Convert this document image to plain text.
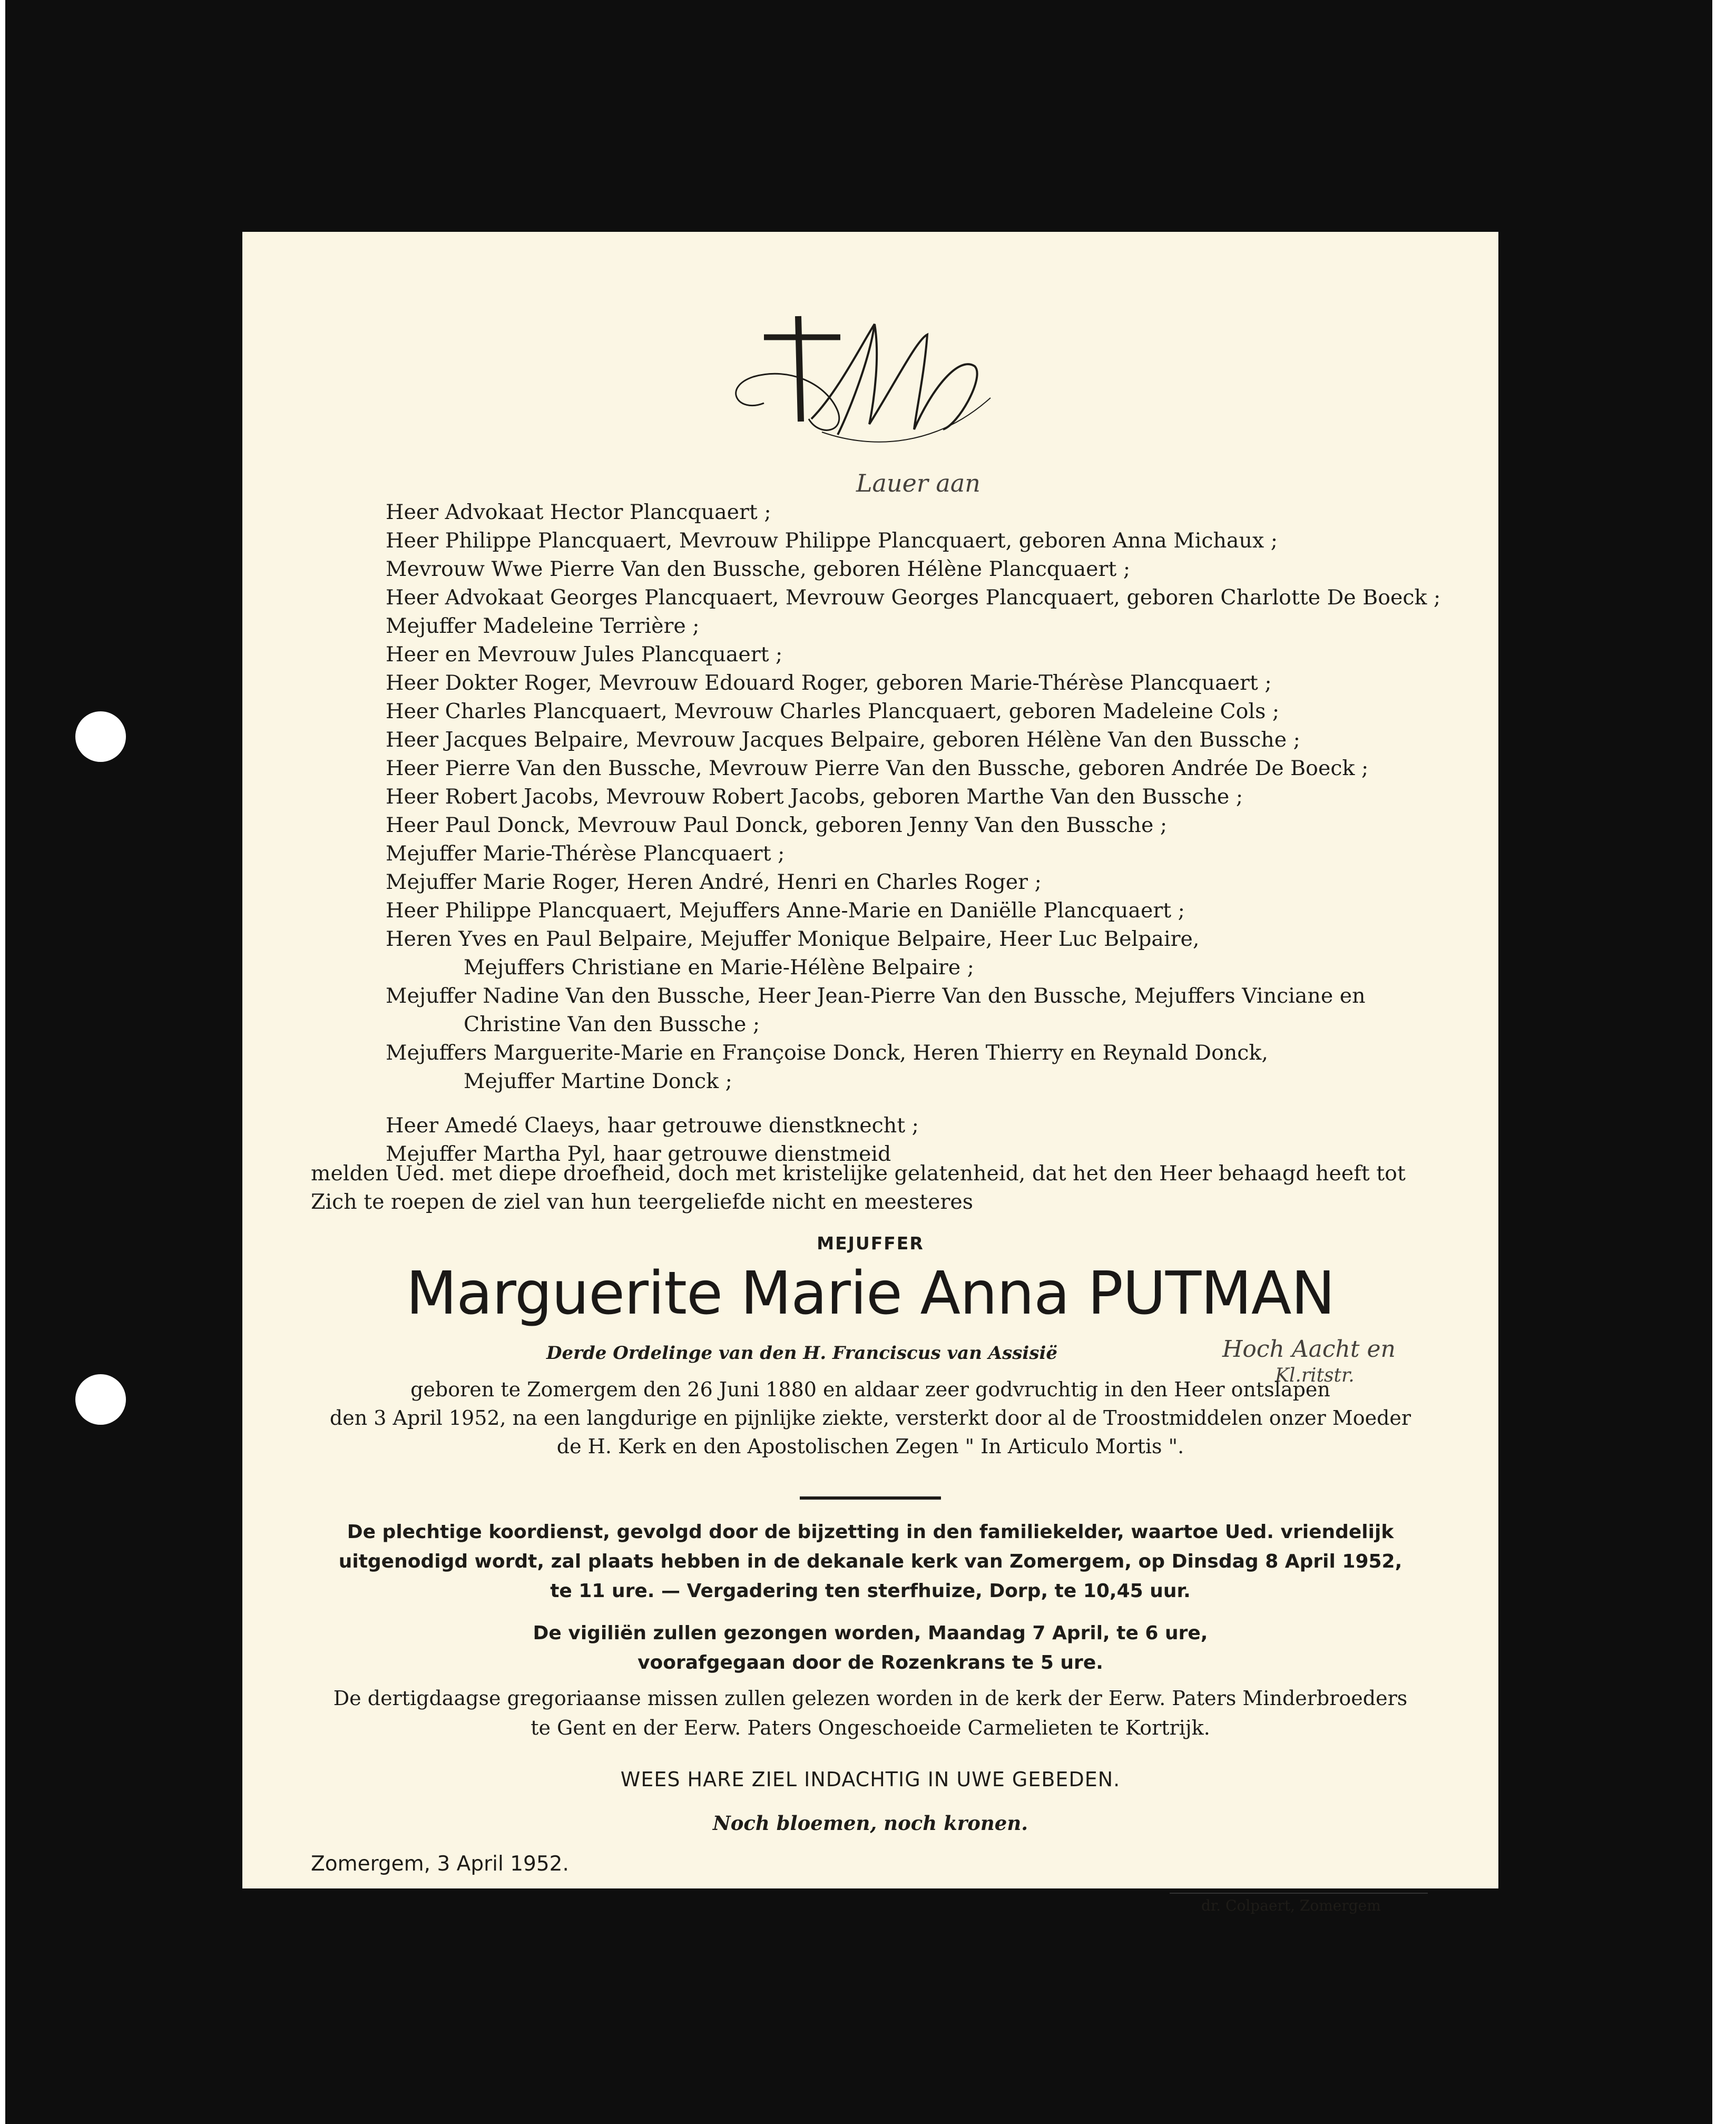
Lauer aan
Hoch Aacht en
Kl.ritstr.
Heer Advokaat Hector Plancquaert ;
Heer Philippe Plancquaert, Mevrouw Philippe Plancquaert, geboren Anna Michaux ;
Mevrouw Wwe Pierre Van den Bussche, geboren Hélène Plancquaert ;
Heer Advokaat Georges Plancquaert, Mevrouw Georges Plancquaert, geboren Charlotte De Boeck ;
Mejuffer Madeleine Terrière ;
Heer en Mevrouw Jules Plancquaert ;
Heer Dokter Roger, Mevrouw Edouard Roger, geboren Marie-Thérèse Plancquaert ;
Heer Charles Plancquaert, Mevrouw Charles Plancquaert, geboren Madeleine Cols ;
Heer Jacques Belpaire, Mevrouw Jacques Belpaire, geboren Hélène Van den Bussche ;
Heer Pierre Van den Bussche, Mevrouw Pierre Van den Bussche, geboren Andrée De Boeck ;
Heer Robert Jacobs, Mevrouw Robert Jacobs, geboren Marthe Van den Bussche ;
Heer Paul Donck, Mevrouw Paul Donck, geboren Jenny Van den Bussche ;
Mejuffer Marie-Thérèse Plancquaert ;
Mejuffer Marie Roger, Heren André, Henri en Charles Roger ;
Heer Philippe Plancquaert, Mejuffers Anne-Marie en Daniëlle Plancquaert ;
Heren Yves en Paul Belpaire, Mejuffer Monique Belpaire, Heer Luc Belpaire,
Mejuffers Christiane en Marie-Hélène Belpaire ;
Mejuffer Nadine Van den Bussche, Heer Jean-Pierre Van den Bussche, Mejuffers Vinciane en
Christine Van den Bussche ;
Mejuffers Marguerite-Marie en Françoise Donck, Heren Thierry en Reynald Donck,
Mejuffer Martine Donck ;
Heer Amedé Claeys, haar getrouwe dienstknecht ;
Mejuffer Martha Pyl, haar getrouwe dienstmeid
melden Ued. met diepe droefheid, doch met kristelijke gelatenheid, dat het den Heer behaagd heeft tot
Zich te roepen de ziel van hun teergeliefde nicht en meesteres
MEJUFFER
Marguerite Marie Anna PUTMAN
Derde Ordelinge van den H. Franciscus van Assisië
geboren te Zomergem den 26 Juni 1880 en aldaar zeer godvruchtig in den Heer ontslapen
den 3 April 1952, na een langdurige en pijnlijke ziekte, versterkt door al de Troostmiddelen onzer Moeder
de H. Kerk en den Apostolischen Zegen " In Articulo Mortis ".
De plechtige koordienst, gevolgd door de bijzetting in den familiekelder, waartoe Ued. vriendelijk
uitgenodigd wordt, zal plaats hebben in de dekanale kerk van Zomergem, op Dinsdag 8 April 1952,
te 11 ure. — Vergadering ten sterfhuize, Dorp, te 10,45 uur.
De vigiliën zullen gezongen worden, Maandag 7 April, te 6 ure,
voorafgegaan door de Rozenkrans te 5 ure.
De dertigdaagse gregoriaanse missen zullen gelezen worden in de kerk der Eerw. Paters Minderbroeders
te Gent en der Eerw. Paters Ongeschoeide Carmelieten te Kortrijk.
WEES HARE ZIEL INDACHTIG IN UWE GEBEDEN.
Noch bloemen, noch kronen.
Zomergem, 3 April 1952.
dr. Colpaert, Zomergem
